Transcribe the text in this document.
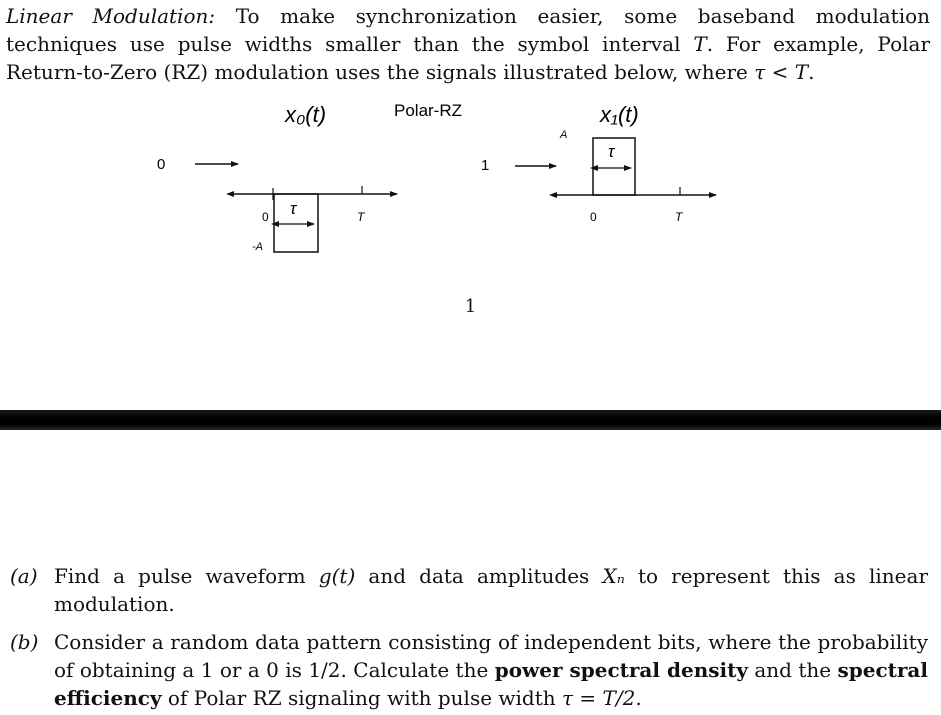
Linear Modulation: To make synchronization easier, some baseband modulation techniques use pulse widths smaller than the symbol interval T. For example, Polar Return-to-Zero (RZ) modulation uses the signals illustrated below, where τ < T.
x₀(t)	Polar-RZ	x₁(t)
0
τ
0	T
-A
1
τ
A
0	T
1
(a) Find a pulse waveform g(t) and data amplitudes Xₙ to represent this as linear modulation.
(b) Consider a random data pattern consisting of independent bits, where the probability of obtaining a 1 or a 0 is 1/2. Calculate the power spectral density and the spectral efficiency of Polar RZ signaling with pulse width τ = T/2.
